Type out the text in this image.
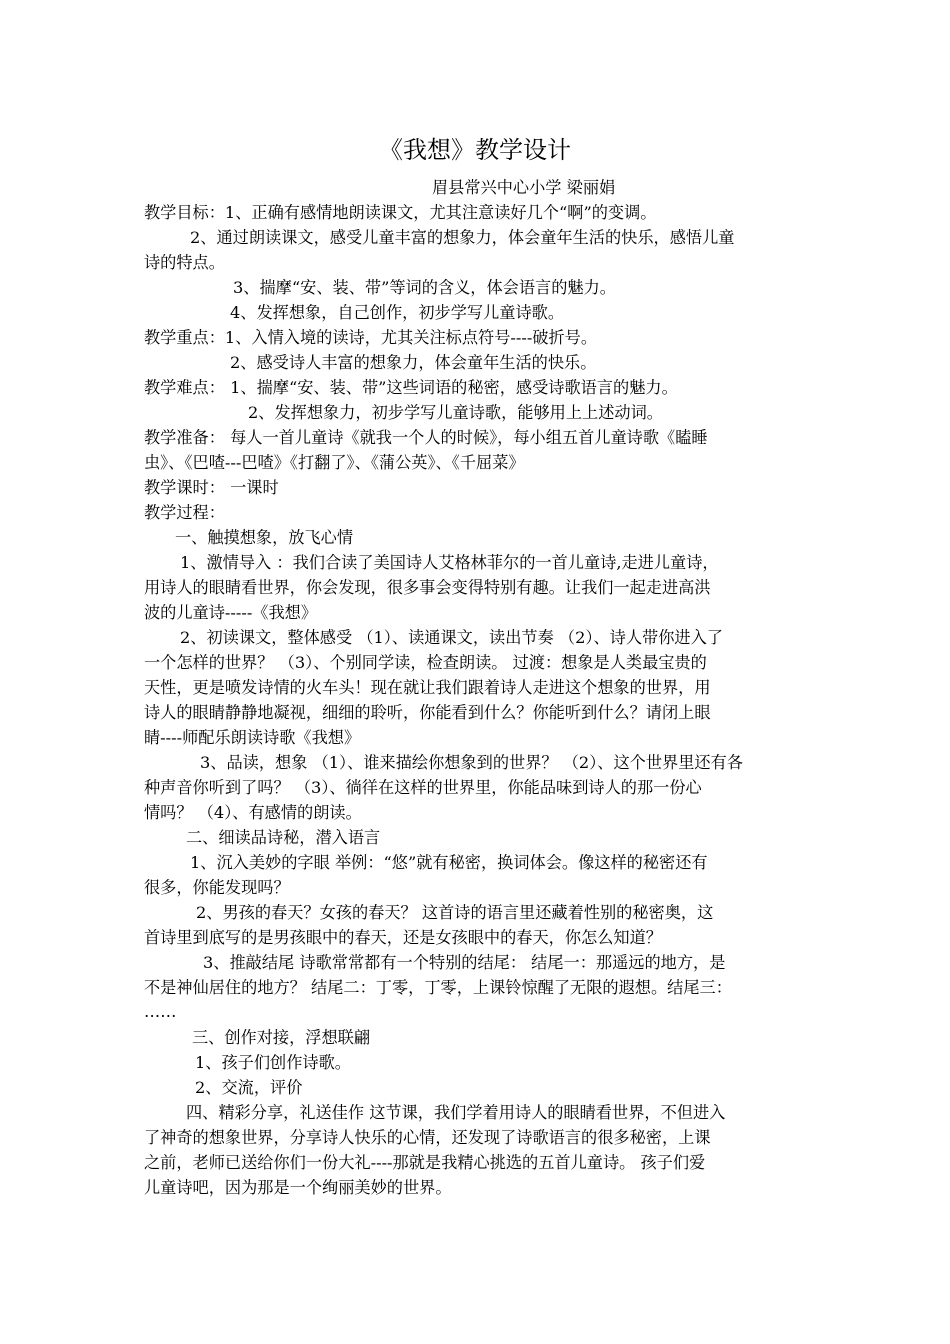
《我想》教学设计
眉县常兴中心小学 梁丽娟
教学目标：1、正确有感情地朗读课文，尤其注意读好几个“啊”的变调。
2、通过朗读课文，感受儿童丰富的想象力，体会童年生活的快乐，感悟儿童
诗的特点。
3、揣摩“安、装、带”等词的含义，体会语言的魅力。
4、发挥想象，自己创作，初步学写儿童诗歌。
教学重点：1、入情入境的读诗，尤其关注标点符号----破折号。
2、感受诗人丰富的想象力，体会童年生活的快乐。
教学难点： 1、揣摩“安、装、带”这些词语的秘密，感受诗歌语言的魅力。
2、发挥想象力，初步学写儿童诗歌，能够用上上述动词。
教学准备： 每人一首儿童诗《就我一个人的时候》，每小组五首儿童诗歌《瞌睡
虫》、《巴喳---巴喳》《打翻了》、《蒲公英》、《千屈菜》
教学课时： 一课时
教学过程：
一、触摸想象，放飞心情
1、激情导入 ：我们合读了美国诗人艾格林菲尔的一首儿童诗,走进儿童诗，
用诗人的眼睛看世界，你会发现，很多事会变得特别有趣。让我们一起走进高洪
波的儿童诗-----《我想》
2、初读课文，整体感受 （1）、读通课文，读出节奏 （2）、诗人带你进入了
一个怎样的世界？ （3）、个别同学读，检查朗读。 过渡：想象是人类最宝贵的
天性，更是喷发诗情的火车头！现在就让我们跟着诗人走进这个想象的世界，用
诗人的眼睛静静地凝视，细细的聆听，你能看到什么？你能听到什么？请闭上眼
睛----师配乐朗读诗歌《我想》
3、品读，想象 （1）、谁来描绘你想象到的世界？ （2）、这个世界里还有各
种声音你听到了吗？ （3）、徜徉在这样的世界里，你能品味到诗人的那一份心
情吗？ （4）、有感情的朗读。
二、细读品诗秘，潜入语言
1、沉入美妙的字眼 举例：“悠”就有秘密，换词体会。像这样的秘密还有
很多，你能发现吗？
2、男孩的春天？女孩的春天？ 这首诗的语言里还藏着性别的秘密奥，这
首诗里到底写的是男孩眼中的春天，还是女孩眼中的春天，你怎么知道？
3、推敲结尾 诗歌常常都有一个特别的结尾： 结尾一：那遥远的地方，是
不是神仙居住的地方？ 结尾二：丁零，丁零，上课铃惊醒了无限的遐想。结尾三：
……
三、创作对接，浮想联翩
1、孩子们创作诗歌。
2、交流，评价
四、精彩分享，礼送佳作 这节课，我们学着用诗人的眼睛看世界，不但进入
了神奇的想象世界，分享诗人快乐的心情，还发现了诗歌语言的很多秘密，上课
之前，老师已送给你们一份大礼----那就是我精心挑选的五首儿童诗。 孩子们爱
儿童诗吧，因为那是一个绚丽美妙的世界。
